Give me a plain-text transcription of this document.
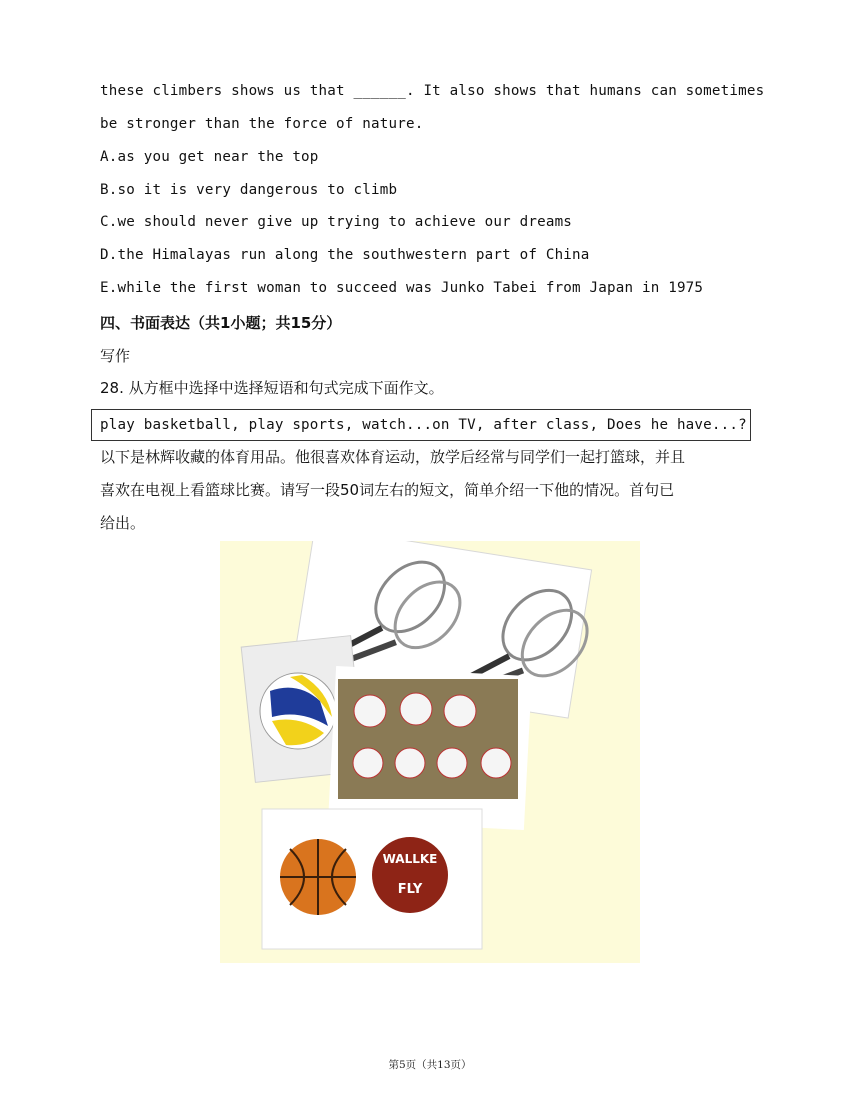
these climbers shows us that ______. It also shows that humans can sometimes
be stronger than the force of nature.
A.as you get near the top
B.so it is very dangerous to climb
C.we should never give up trying to achieve our dreams
D.the Himalayas run along the southwestern part of China
E.while the first woman to succeed was Junko Tabei from Japan in 1975
四、书面表达（共1小题；共15分）
写作
28. 从方框中选择中选择短语和句式完成下面作文。
play basketball, play sports, watch...on TV, after class, Does he have...?
以下是林辉收藏的体育用品。他很喜欢体育运动，放学后经常与同学们一起打篮球，并且
喜欢在电视上看篮球比赛。请写一段50词左右的短文，简单介绍一下他的情况。首句已
给出。
WALLKE
FLY
第5页（共13页）
